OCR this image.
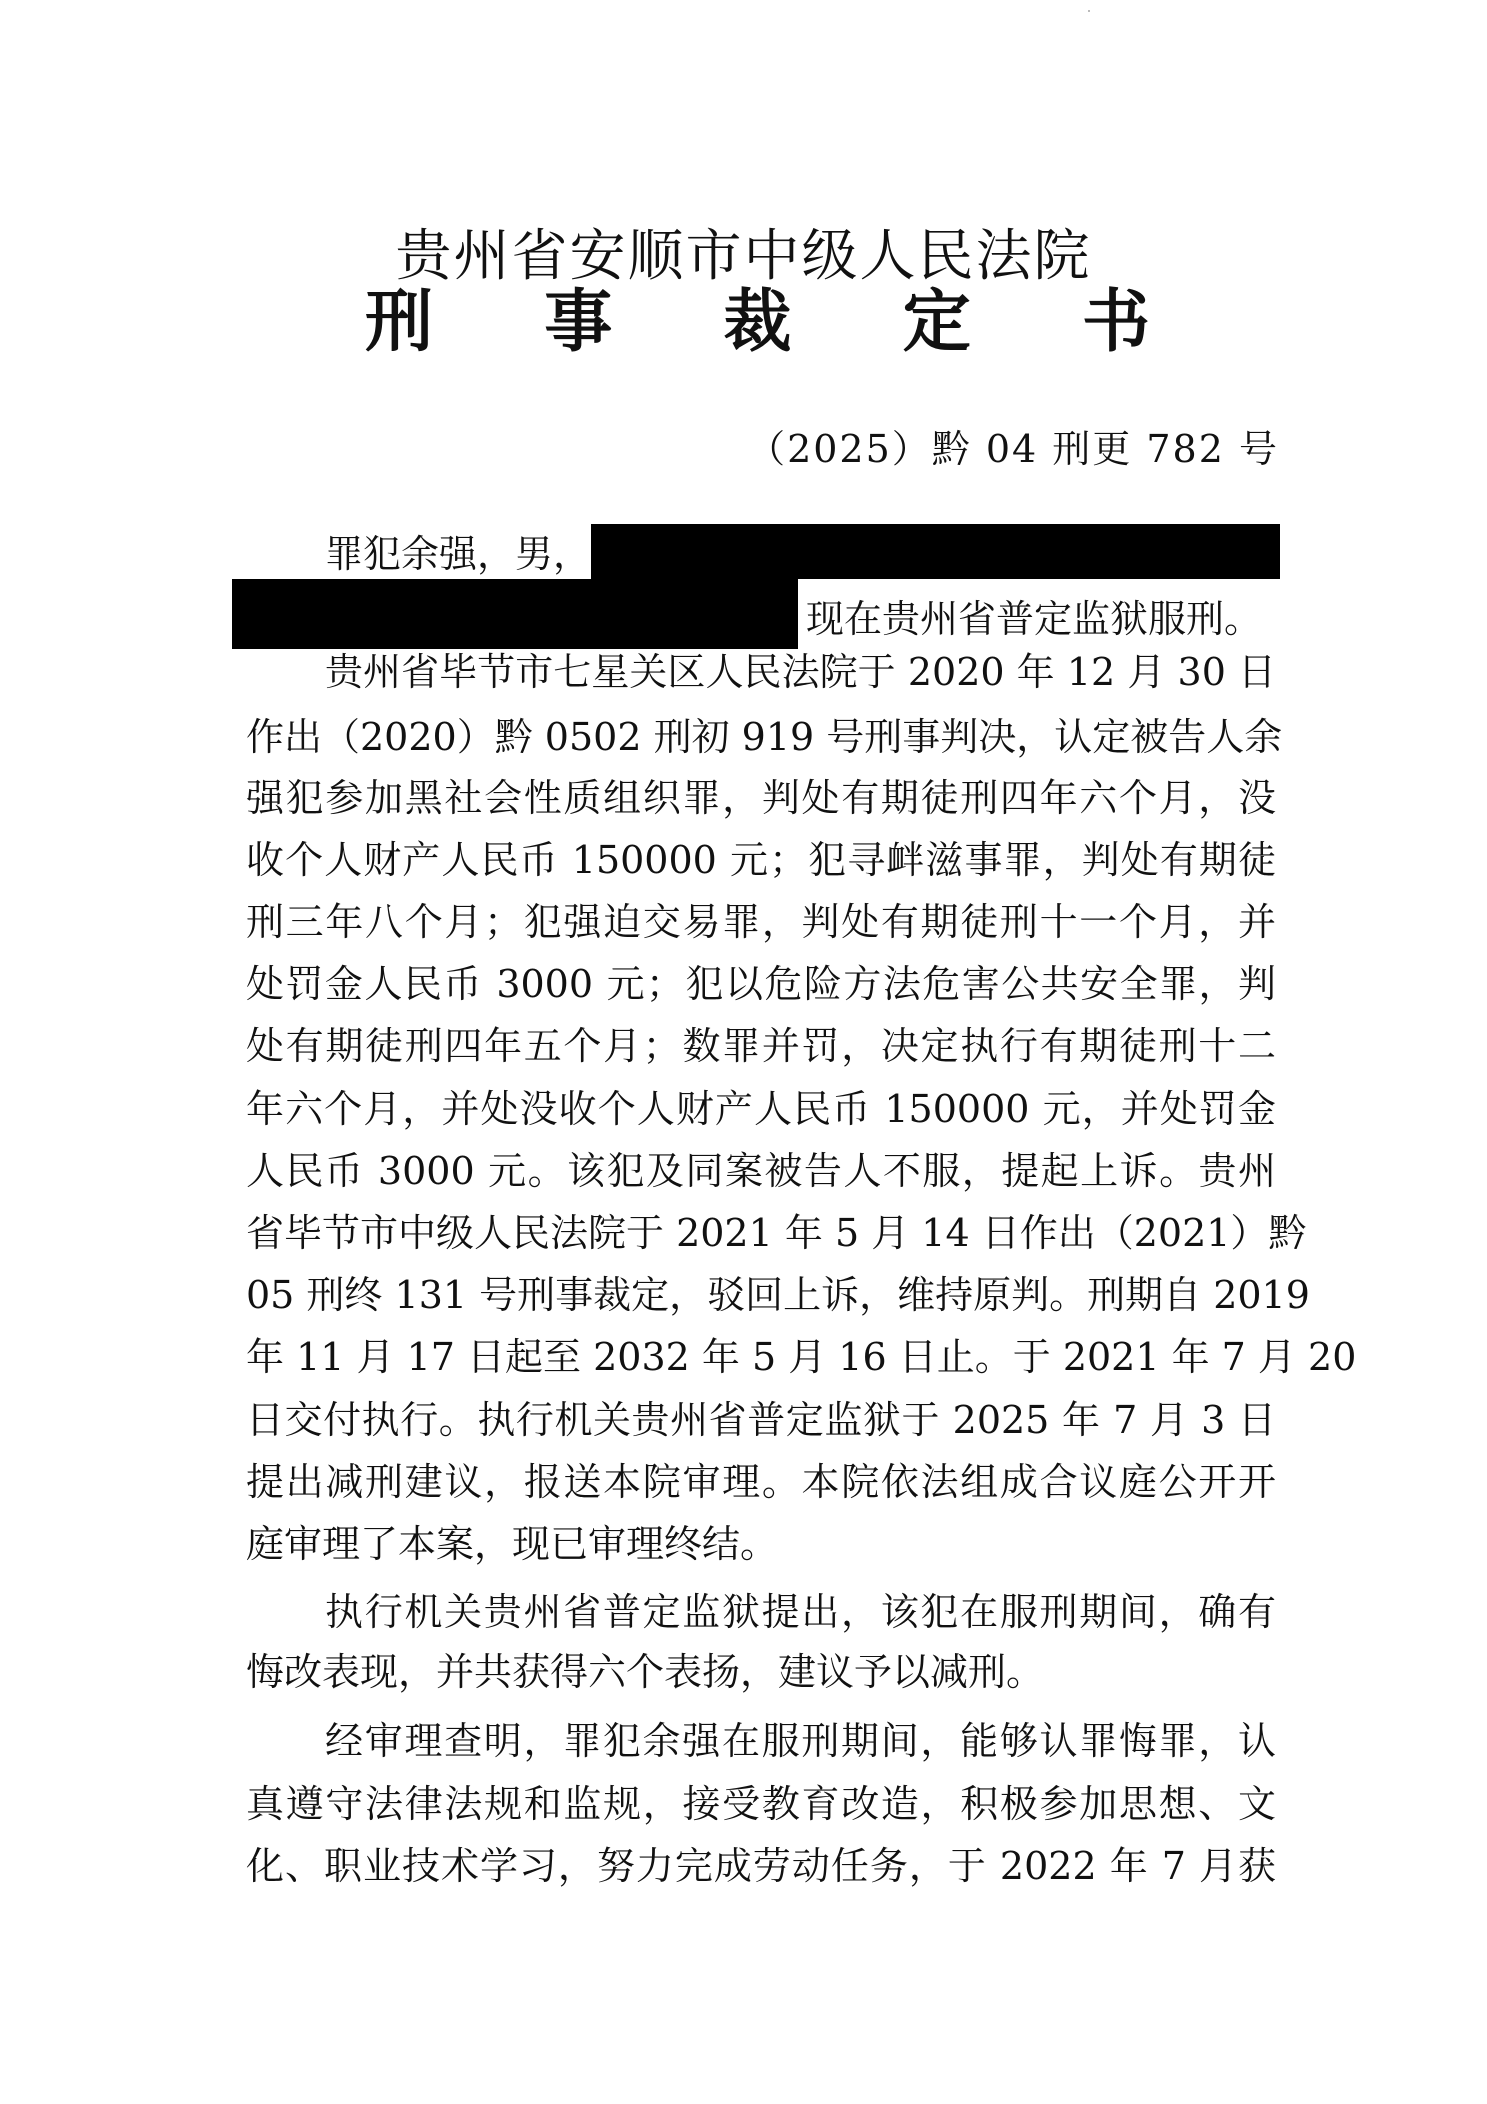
贵州省安顺市中级人民法院
刑 事 裁 定 书
（2025）黔 04 刑更 782 号
罪犯余强，男，
现在贵州省普定监狱服刑。
贵州省毕节市七星关区人民法院于 2020 年 12 月 30 日
作出（2020）黔 0502 刑初 919 号刑事判决，认定被告人余
强犯参加黑社会性质组织罪，判处有期徒刑四年六个月，没
收个人财产人民币 150000 元；犯寻衅滋事罪，判处有期徒
刑三年八个月；犯强迫交易罪，判处有期徒刑十一个月，并
处罚金人民币 3000 元；犯以危险方法危害公共安全罪，判
处有期徒刑四年五个月；数罪并罚，决定执行有期徒刑十二
年六个月，并处没收个人财产人民币 150000 元，并处罚金
人民币 3000 元。该犯及同案被告人不服，提起上诉。贵州
省毕节市中级人民法院于 2021 年 5 月 14 日作出（2021）黔
05 刑终 131 号刑事裁定，驳回上诉，维持原判。刑期自 2019
年 11 月 17 日起至 2032 年 5 月 16 日止。于 2021 年 7 月 20
日交付执行。执行机关贵州省普定监狱于 2025 年 7 月 3 日
提出减刑建议，报送本院审理。本院依法组成合议庭公开开
庭审理了本案，现已审理终结。
执行机关贵州省普定监狱提出，该犯在服刑期间，确有
悔改表现，并共获得六个表扬，建议予以减刑。
经审理查明，罪犯余强在服刑期间，能够认罪悔罪，认
真遵守法律法规和监规，接受教育改造，积极参加思想、文
化、职业技术学习，努力完成劳动任务，于 2022 年 7 月获
